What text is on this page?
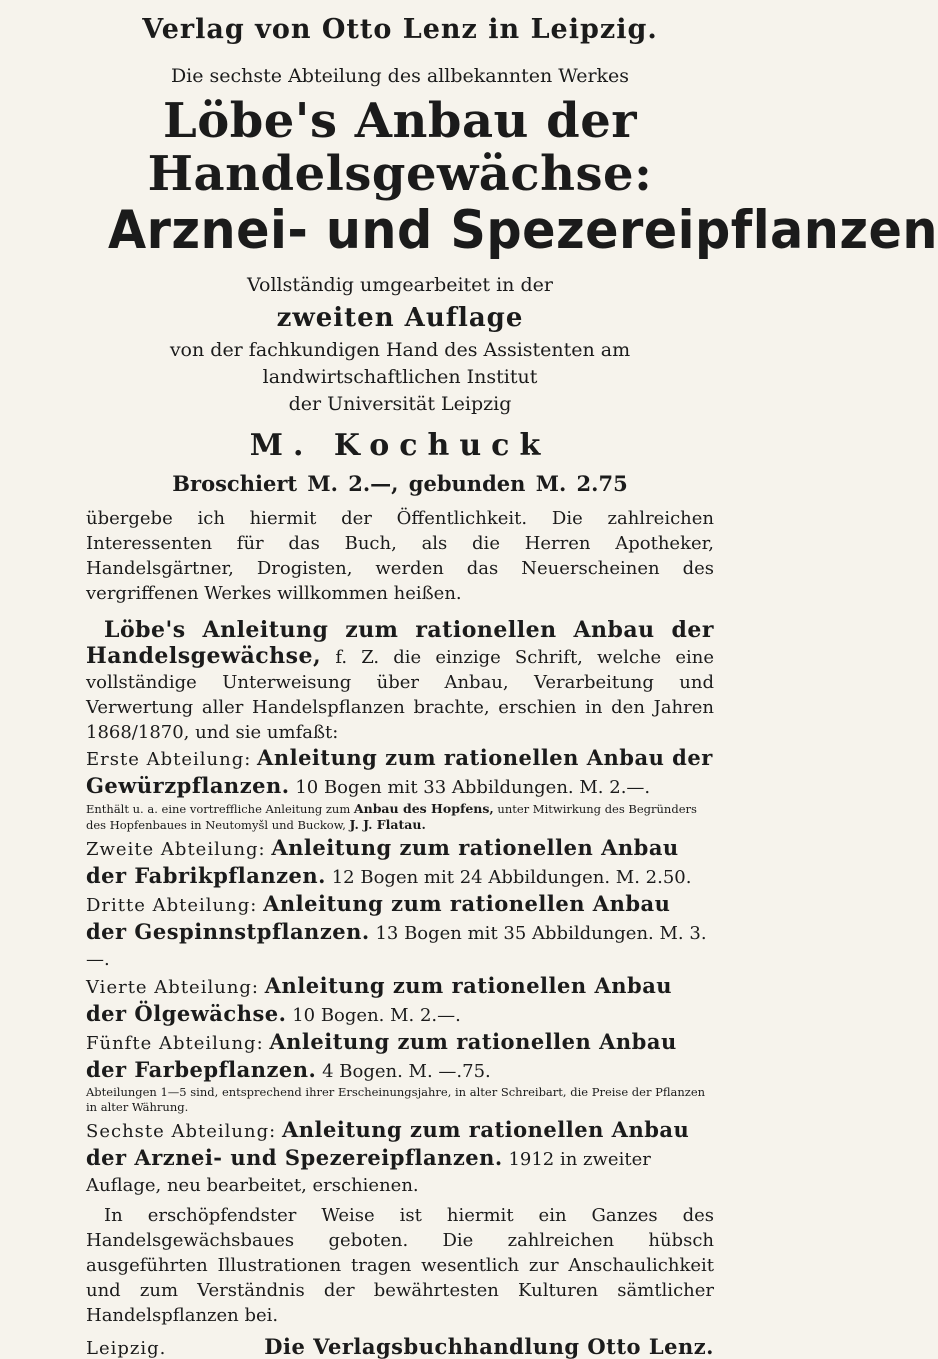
Verlag von Otto Lenz in Leipzig.

Die sechste Abteilung des allbekannten Werkes

Löbe's Anbau der Handelsgewächse:

Arznei- und Spezereipflanzen

Vollständig umgearbeitet in der

zweiten Auflage

von der fachkundigen Hand des Assistenten am landwirtschaftlichen Institut

der Universität Leipzig

M. Kochuck

Broschiert M. 2.—, gebunden M. 2.75

übergebe ich hiermit der Öffentlichkeit. Die zahlreichen Interessenten für das Buch, als die Herren Apotheker, Handelsgärtner, Drogisten, werden das Neuerscheinen des vergriffenen Werkes willkommen heißen.

Löbe's Anleitung zum rationellen Anbau der Handelsgewächse, f. Z. die einzige Schrift, welche eine vollständige Unterweisung über Anbau, Verarbeitung und Verwertung aller Handelspflanzen brachte, erschien in den Jahren 1868/1870, und sie umfaßt:

Erste Abteilung: Anleitung zum rationellen Anbau der Gewürzpflanzen. 10 Bogen mit 33 Abbildungen. M. 2.—.

Enthält u. a. eine vortreffliche Anleitung zum Anbau des Hopfens, unter Mitwirkung des Begründers des Hopfenbaues in Neutomyšl und Buckow, J. J. Flatau.

Zweite Abteilung: Anleitung zum rationellen Anbau der Fabrikpflanzen. 12 Bogen mit 24 Abbildungen. M. 2.50.

Dritte Abteilung: Anleitung zum rationellen Anbau der Gespinnstpflanzen. 13 Bogen mit 35 Abbildungen. M. 3.—.

Vierte Abteilung: Anleitung zum rationellen Anbau der Ölgewächse. 10 Bogen. M. 2.—.

Fünfte Abteilung: Anleitung zum rationellen Anbau der Farbepflanzen. 4 Bogen. M. —.75.

Abteilungen 1—5 sind, entsprechend ihrer Erscheinungsjahre, in alter Schreibart, die Preise der Pflanzen in alter Währung.

Sechste Abteilung: Anleitung zum rationellen Anbau der Arznei- und Spezereipflanzen. 1912 in zweiter Auflage, neu bearbeitet, erschienen.

In erschöpfendster Weise ist hiermit ein Ganzes des Handelsgewächsbaues geboten. Die zahlreichen hübsch ausgeführten Illustrationen tragen wesentlich zur Anschaulichkeit und zum Verständnis der bewährtesten Kulturen sämtlicher Handelspflanzen bei.

Leipzig.	Die Verlagsbuchhandlung Otto Lenz.
